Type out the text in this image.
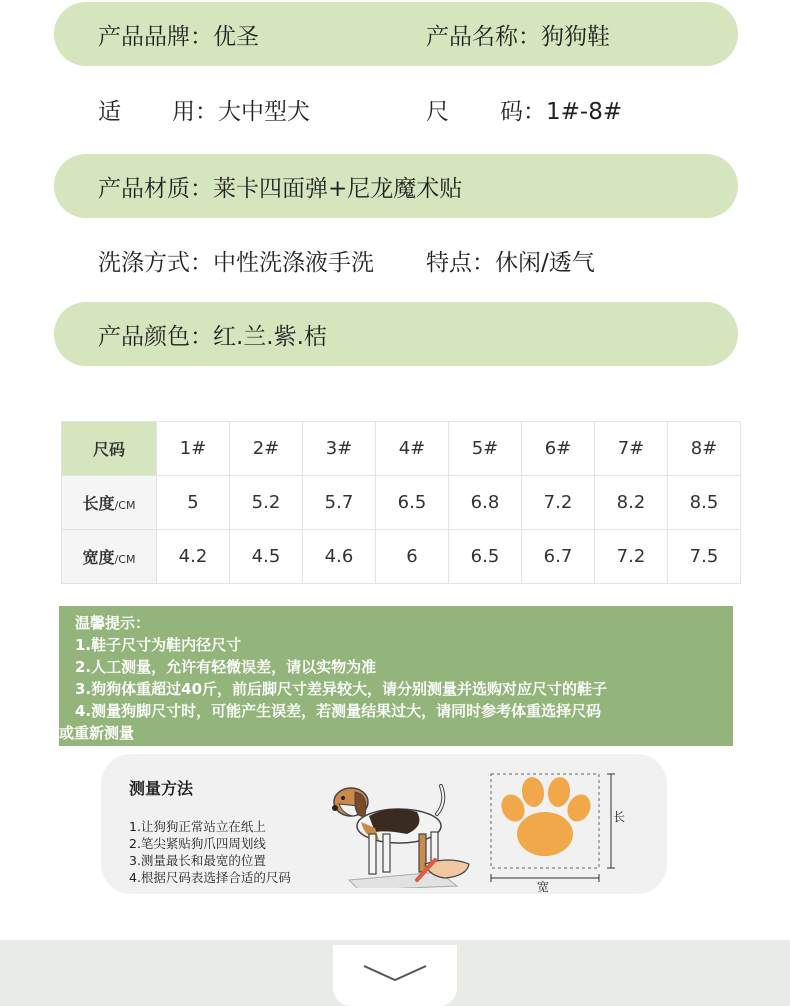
产品品牌：优圣	产品名称：狗狗鞋
适 用：大中型犬	尺 码：1#-8#
产品材质：莱卡四面弹+尼龙魔术贴
洗涤方式：中性洗涤液手洗 特点：休闲/透气
产品颜色：红.兰.紫.桔
尺码	1#	2#	3#	4#	5#	6#	7#	8#
长度/CM	5	5.2	5.7	6.5	6.8	7.2	8.2	8.5
宽度/CM	4.2	4.5	4.6	6	6.5	6.7	7.2	7.5
温馨提示：
1.鞋子尺寸为鞋内径尺寸
2.人工测量，允许有轻微误差，请以实物为准
3.狗狗体重超过40斤，前后脚尺寸差异较大，请分别测量并选购对应尺寸的鞋子
4.测量狗脚尺寸时，可能产生误差，若测量结果过大，请同时参考体重选择尺码
或重新测量
测量方法
1.让狗狗正常站立在纸上
2.笔尖紧贴狗爪四周划线
3.测量最长和最宽的位置
4.根据尺码表选择合适的尺码
长
宽
